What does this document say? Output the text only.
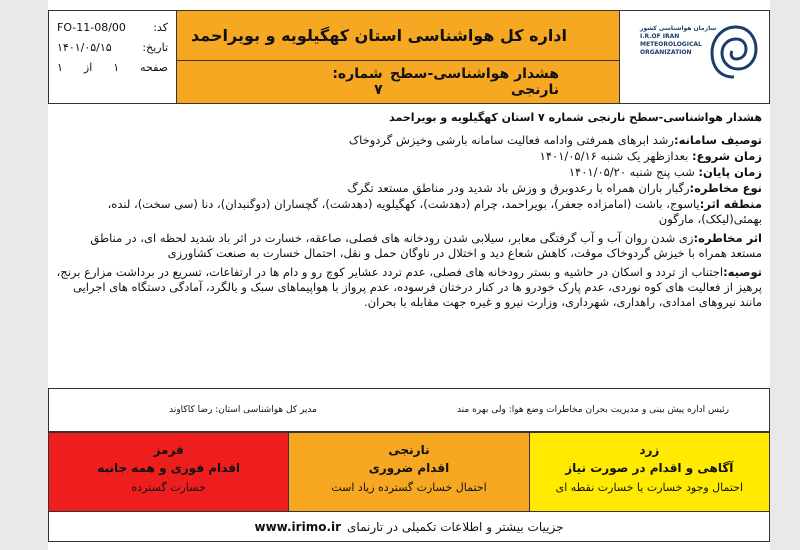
کد:
FO-11-08/00
تاریخ:
۱۴۰۱/۰۵/۱۵
صفحه
۱
از
۱
اداره کل هواشناسی استان کهگیلویه و بویراحمد
هشدار هواشناسی-سطح نارنجی
شماره: ۷
سازمان هواشناسی کشور
I.R.OF IRAN
METEOROLOGICAL
ORGANIZATION

هشدار هواشناسی-سطح نارنجی شماره ۷ استان کهگیلویه و بویراحمد

توصیف سامانه:رشد ابرهای همرفتی وادامه فعالیت سامانه بارشی وخیزش گردوخاک

زمان شروع: بعدازظهر یک شنبه ۱۴۰۱/۰۵/۱۶

زمان پایان: شب پنج شنبه ۱۴۰۱/۰۵/۲۰

نوع مخاطره:رگبار باران همراه با رعدوبرق و وزش باد شدید ودر مناطق مستعد تگرگ

منطقه اثر:یاسوج، باشت (امامزاده جعفر)، بویراحمد، چرام (دهدشت)، کهگیلویه (دهدشت)، گچساران (دوگنبدان)، دنا (سی سخت)، لنده، بهمئی(لیکک)، مارگون

اثر مخاطره:زی شدن روان آب و آب گرفتگی معابر، سیلابی شدن رودخانه های فصلی، صاعقه، خسارت در اثر باد شدید لحظه ای، در مناطق مستعد همراه با خیزش گردوخاک موقت، کاهش شعاع دید و اختلال در ناوگان حمل و نقل، احتمال خسارت به صنعت کشاورزی

توصیه:اجتناب از تردد و اسکان در حاشیه و بستر رودخانه های فصلی، عدم تردد عشایر کوچ رو و دام ها در ارتفاعات، تسریع در برداشت مزارع برنج، پرهیز از فعالیت های کوه نوردی، عدم پارک خودرو ها در کنار درختان فرسوده، عدم پرواز با هواپیماهای سبک و بالگرد، آمادگی دستگاه های اجرایی مانند نیروهای امدادی، راهداری، شهرداری، وزارت نیرو و غیره جهت مقابله با بحران.

رئیس اداره پیش بینی و مدیریت بحران مخاطرات وضع هوا: ولی بهره مند
مدیر کل هواشناسی استان: رضا کاکاوند
قرمز
اقدام فوری و همه جانبه
خسارت گسترده
نارنجی
اقدام ضروری
احتمال خسارت گسترده زیاد است
زرد
آگاهی و اقدام در صورت نیاز
احتمال وجود خسارت یا خسارت نقطه ای
جزییات بیشتر و اطلاعات تکمیلی در تارنمای
www.irimo.ir
